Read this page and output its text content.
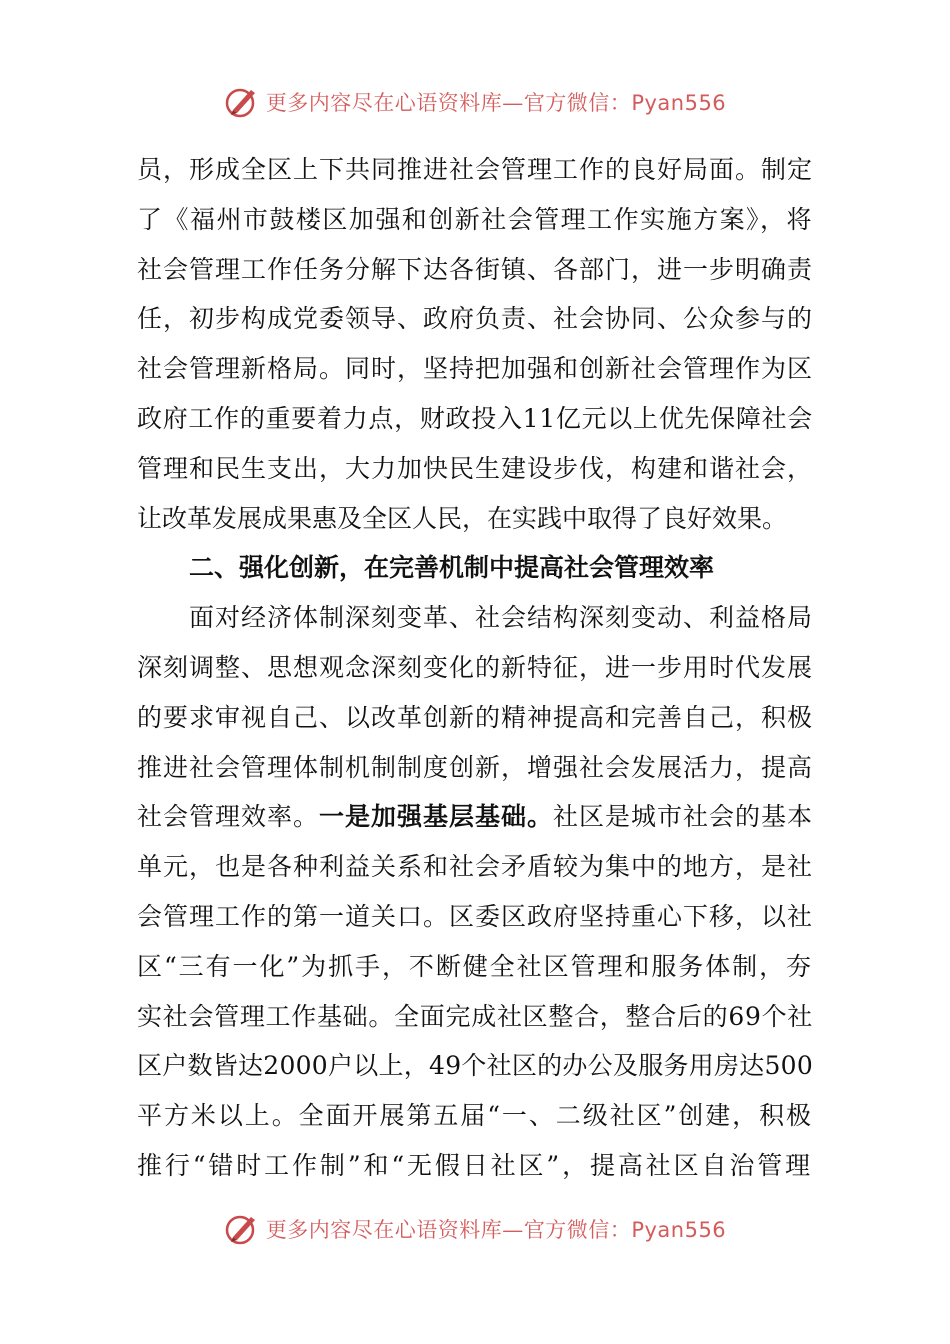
更多内容尽在心语资料库—官方微信：Pyan556
员，形成全区上下共同推进社会管理工作的良好局面。制定
了《福州市鼓楼区加强和创新社会管理工作实施方案》，将
社会管理工作任务分解下达各街镇、各部门，进一步明确责
任，初步构成党委领导、政府负责、社会协同、公众参与的
社会管理新格局。同时，坚持把加强和创新社会管理作为区
政府工作的重要着力点，财政投入11亿元以上优先保障社会
管理和民生支出，大力加快民生建设步伐，构建和谐社会，
让改革发展成果惠及全区人民，在实践中取得了良好效果。
二、强化创新，在完善机制中提高社会管理效率
面对经济体制深刻变革、社会结构深刻变动、利益格局
深刻调整、思想观念深刻变化的新特征，进一步用时代发展
的要求审视自己、以改革创新的精神提高和完善自己，积极
推进社会管理体制机制制度创新，增强社会发展活力，提高
社会管理效率。 一是加强基层基础。 社区是城市社会的基本
单元，也是各种利益关系和社会矛盾较为集中的地方，是社
会管理工作的第一道关口。区委区政府坚持重心下移，以社
区“三有一化”为抓手，不断健全社区管理和服务体制，夯
实社会管理工作基础。全面完成社区整合，整合后的69个社
区户数皆达2000户以上，49个社区的办公及服务用房达500
平方米以上。全面开展第五届“一、二级社区”创建，积极
推行“错时工作制”和“无假日社区”，提高社区自治管理
更多内容尽在心语资料库—官方微信：Pyan556
